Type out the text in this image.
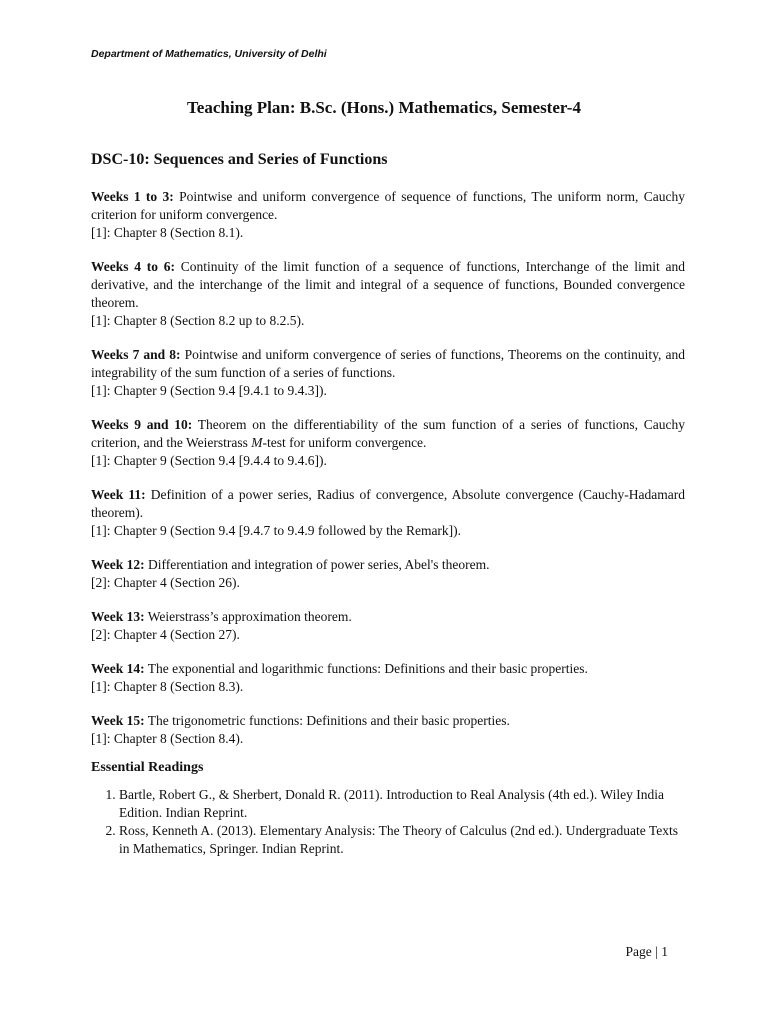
Department of Mathematics, University of Delhi
Teaching Plan: B.Sc. (Hons.) Mathematics, Semester-4
DSC-10: Sequences and Series of Functions

Weeks 1 to 3: Pointwise and uniform convergence of sequence of functions, The uniform norm, Cauchy criterion for uniform convergence.

[1]: Chapter 8 (Section 8.1).

Weeks 4 to 6: Continuity of the limit function of a sequence of functions, Interchange of the limit and derivative, and the interchange of the limit and integral of a sequence of functions, Bounded convergence theorem.

[1]: Chapter 8 (Section 8.2 up to 8.2.5).

Weeks 7 and 8: Pointwise and uniform convergence of series of functions, Theorems on the continuity, and integrability of the sum function of a series of functions.

[1]: Chapter 9 (Section 9.4 [9.4.1 to 9.4.3]).

Weeks 9 and 10: Theorem on the differentiability of the sum function of a series of functions, Cauchy criterion, and the Weierstrass M-test for uniform convergence.

[1]: Chapter 9 (Section 9.4 [9.4.4 to 9.4.6]).

Week 11: Definition of a power series, Radius of convergence, Absolute convergence (Cauchy-Hadamard theorem).

[1]: Chapter 9 (Section 9.4 [9.4.7 to 9.4.9 followed by the Remark]).

Week 12: Differentiation and integration of power series, Abel's theorem.

[2]: Chapter 4 (Section 26).

Week 13: Weierstrass’s approximation theorem.

[2]: Chapter 4 (Section 27).

Week 14: The exponential and logarithmic functions: Definitions and their basic properties.

[1]: Chapter 8 (Section 8.3).

Week 15: The trigonometric functions: Definitions and their basic properties.

[1]: Chapter 8 (Section 8.4).
Essential Readings
1. Bartle, Robert G., & Sherbert, Donald R. (2011). Introduction to Real Analysis (4th ed.). Wiley India Edition. Indian Reprint.
2. Ross, Kenneth A. (2013). Elementary Analysis: The Theory of Calculus (2nd ed.). Undergraduate Texts in Mathematics, Springer. Indian Reprint.
Page | 1
